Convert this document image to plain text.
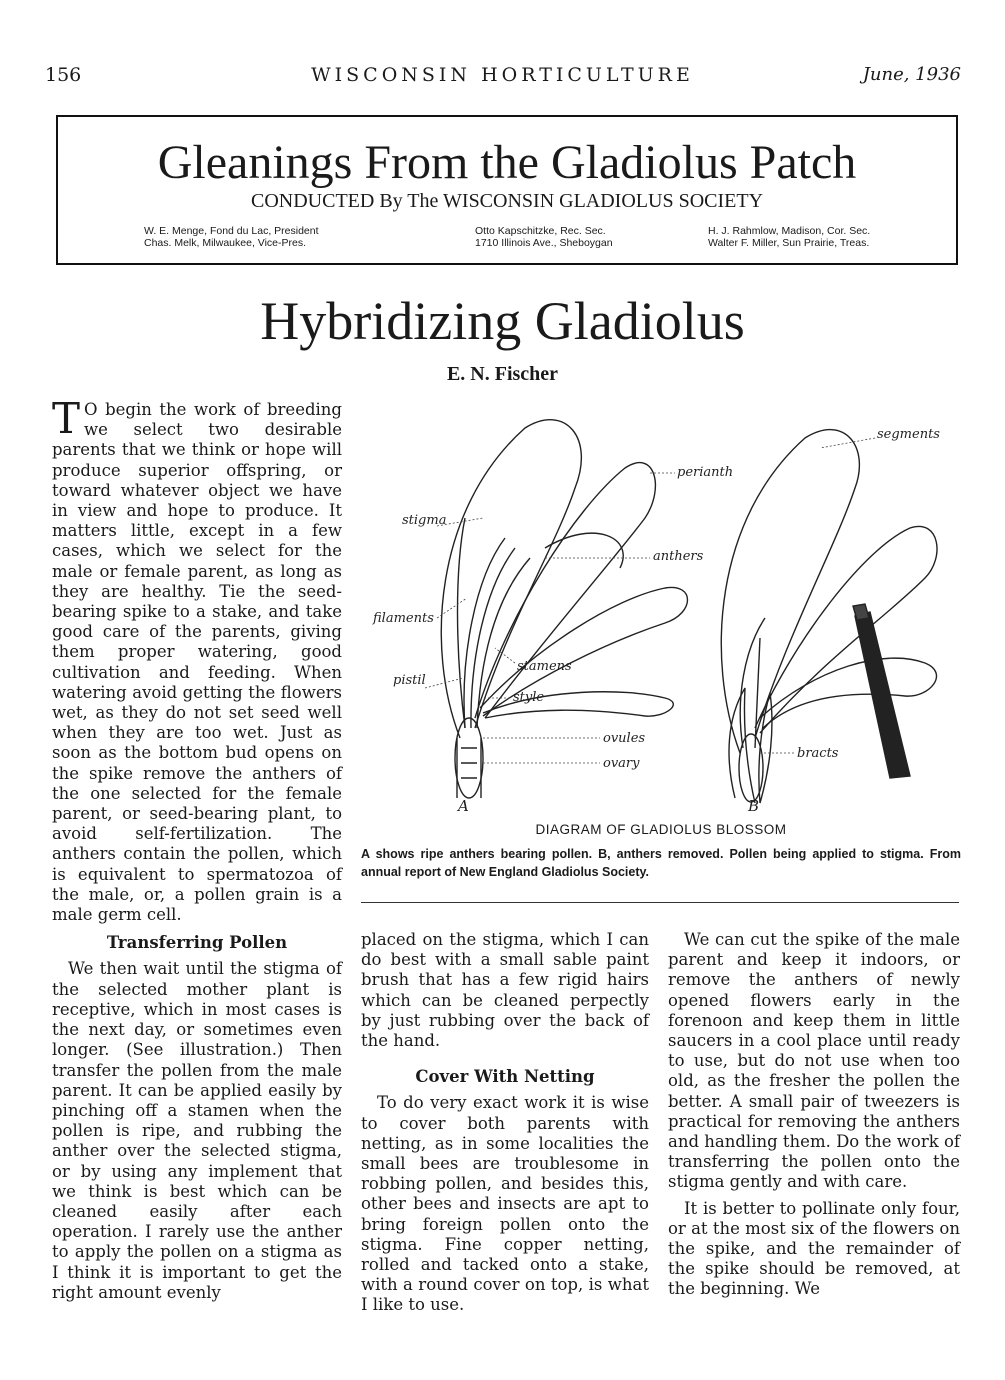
156	WISCONSIN HORTICULTURE	June, 1936
Gleanings From the Gladiolus Patch
CONDUCTED By The WISCONSIN GLADIOLUS SOCIETY
W. E. Menge, Fond du Lac, President
Chas. Melk, Milwaukee, Vice-Pres.
Otto Kapschitzke, Rec. Sec.
1710 Illinois Ave., Sheboygan
H. J. Rahmlow, Madison, Cor. Sec.
Walter F. Miller, Sun Prairie, Treas.
Hybridizing Gladiolus
E. N. Fischer

T O begin the work of breeding we select two desirable parents that we think or hope will produce superior offspring, or toward whatever object we have in view and hope to produce. It matters little, except in a few cases, which we select for the male or female parent, as long as they are healthy. Tie the seed-bearing spike to a stake, and take good care of the parents, giving them proper watering, good cultivation and feeding. When watering avoid getting the flowers wet, as they do not set seed well when they are too wet. Just as soon as the bottom bud opens on the spike remove the anthers of the one selected for the female parent, or seed-bearing plant, to avoid self-fertilization. The anthers contain the pollen, which is equivalent to spermatozoa of the male, or, a pollen grain is a male germ cell.

Transferring Pollen

We then wait until the stigma of the selected mother plant is receptive, which in most cases is the next day, or sometimes even longer. (See illustration.) Then transfer the pollen from the male parent. It can be applied easily by pinching off a stamen when the pollen is ripe, and rubbing the anther over the selected stigma, or by using any implement that we think is best which can be cleaned easily after each operation. I rarely use the anther to apply the pollen on a stigma as I think it is important to get the right amount evenly

stigma
filaments
pistil
perianth
anthers
stamens
style
ovules
ovary
segments
bracts
A	B
DIAGRAM OF GLADIOLUS BLOSSOM
A shows ripe anthers bearing pollen. B, anthers removed. Pollen being applied to stigma. From annual report of New England Gladiolus Society.

placed on the stigma, which I can do best with a small sable paint brush that has a few rigid hairs which can be cleaned perpectly by just rubbing over the back of the hand.

Cover With Netting

To do very exact work it is wise to cover both parents with netting, as in some localities the small bees are troublesome in robbing pollen, and besides this, other bees and insects are apt to bring foreign pollen onto the stigma. Fine copper netting, rolled and tacked onto a stake, with a round cover on top, is what I like to use.

We can cut the spike of the male parent and keep it indoors, or remove the anthers of newly opened flowers early in the forenoon and keep them in little saucers in a cool place until ready to use, but do not use when too old, as the fresher the pollen the better. A small pair of tweezers is practical for removing the anthers and handling them. Do the work of transferring the pollen onto the stigma gently and with care.

It is better to pollinate only four, or at the most six of the flowers on the spike, and the remainder of the spike should be removed, at the beginning. We
